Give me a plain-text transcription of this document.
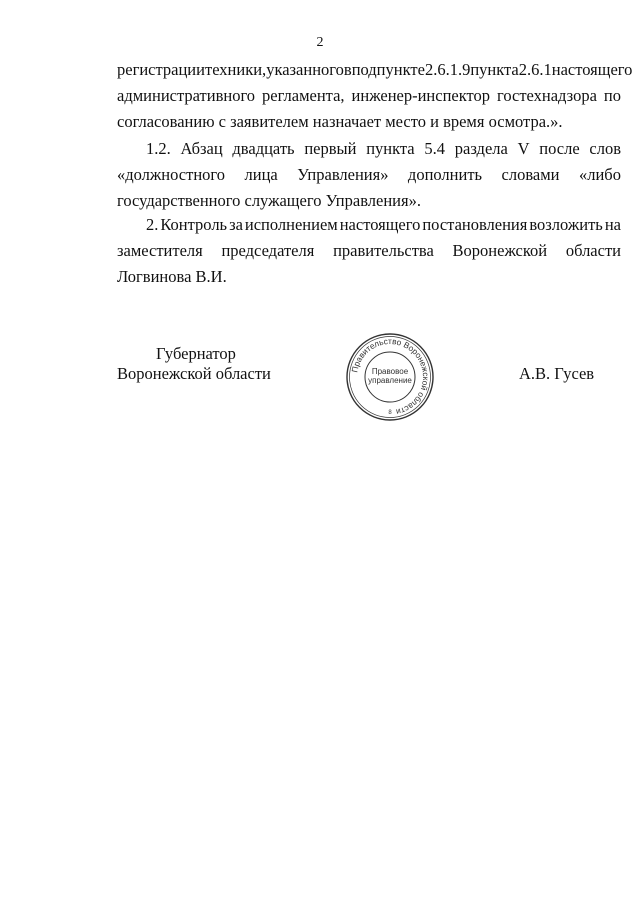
2
регистрации техники, указанного в подпункте 2.6.1.9 пункта 2.6.1 настоящего
административного регламента, инженер-инспектор гостехнадзора по
согласованию с заявителем назначает место и время осмотра.».
1.2. Абзац двадцать первый пункта 5.4 раздела V после слов
«должностного лица Управления» дополнить словами «либо
государственного служащего Управления».
2. Контроль за исполнением настоящего постановления возложить на
заместителя председателя правительства Воронежской области
Логвинова В.И.
Губернатор
Воронежской области	Правительство Воронежской области
Правовое
управление
8
А.В. Гусев
